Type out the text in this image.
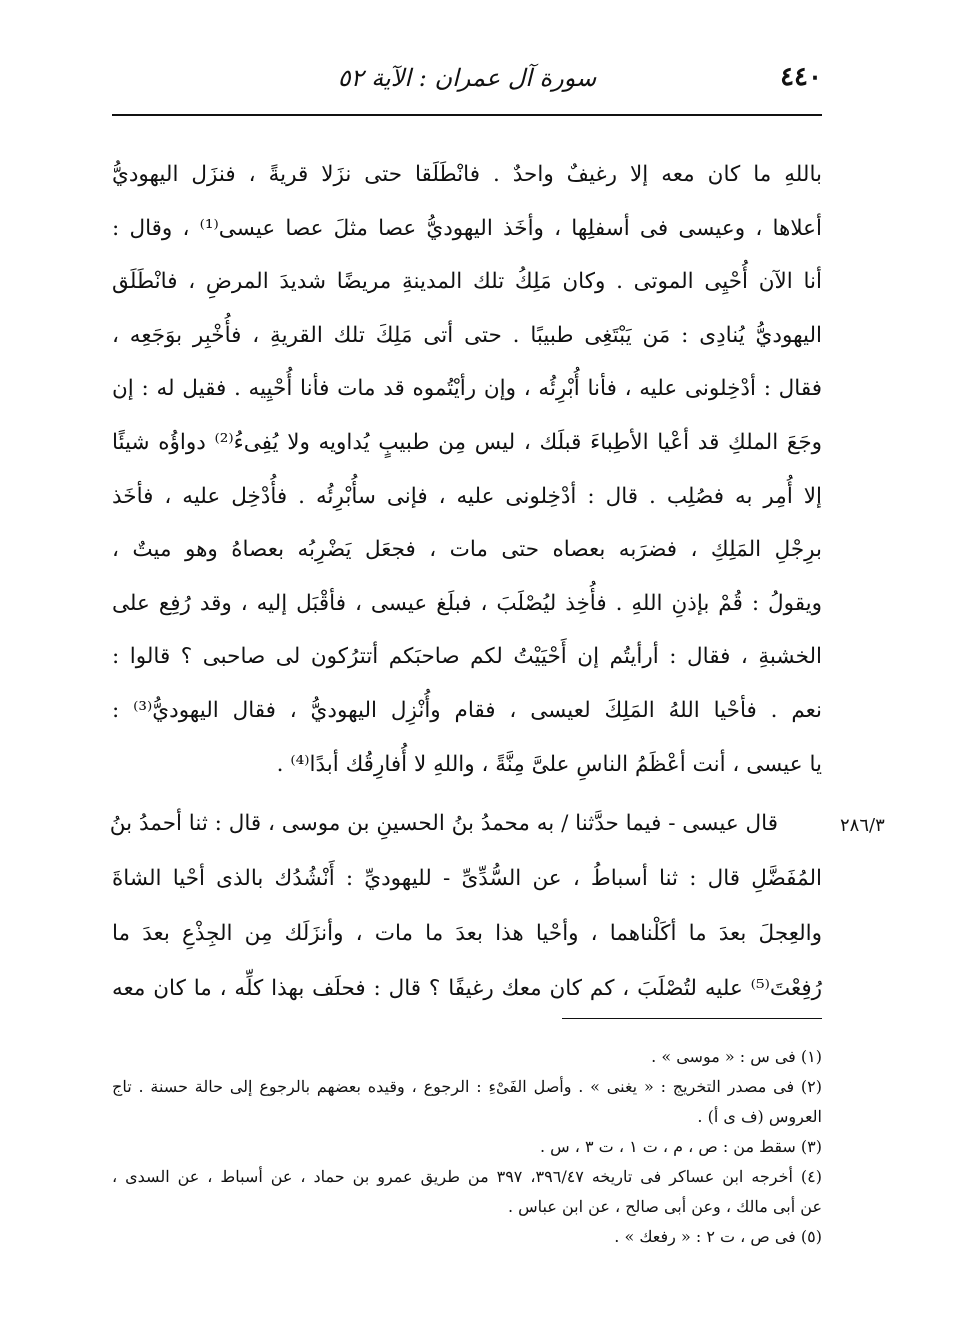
٤٤٠
سورة آل عمران : الآية ٥٢
باللهِ ما كان معه إلا رغيفٌ واحدٌ . فانْطَلَقا حتى نزَلا قريةً ، فنزَل اليهوديُّ
أعلاها ، وعيسى فى أسفلِها ، وأخَذ اليهوديُّ عصا مثلَ عصا عيسى⁽¹⁾ ، وقال :
أنا الآن أُحْيِى الموتى . وكان مَلِكُ تلك المدينةِ مريضًا شديدَ المرضِ ، فانْطَلَق
اليهوديُّ يُنادِى : مَن يَبْتَغِى طبيبًا . حتى أتى مَلِكَ تلك القريةِ ، فأُخْبِر بوَجَعِه ،
فقال : أدْخِلونى عليه ، فأنا أُبْرِئُه ، وإن رأيْتُموه قد مات فأنا أُحْيِيه . فقيل له : إن
وجَعَ الملكِ قد أعْيا الأطِباءَ قبلَك ، ليس مِن طبيبٍ يُداويه ولا يُفِىءُ⁽²⁾ دواؤُه شيئًا
إلا أُمِر به فصُلِب . قال : أدْخِلونى عليه ، فإنى سأُبْرِئُه . فأُدْخِل عليه ، فأخَذ
برِجْلِ المَلِكِ ، فضرَبه بعصاه حتى مات ، فجعَل يَضْرِبُه بعصاهُ وهو ميتٌ ،
ويقولُ : قُمْ بإذنِ اللهِ . فأُخِذ ليُصْلَبَ ، فبلَغ عيسى ، فأقْبَل إليه ، وقد رُفِع على
الخشبةِ ، فقال : أرأيتُم إن أَحْيَيْتُ لكم صاحبَكم أتترُكون لى صاحبى ؟ قالوا :
نعم . فأحْيا اللهُ المَلِكَ لعيسى ، فقام وأُنْزِل اليهوديُّ ، فقال اليهوديُّ⁽³⁾ :
يا عيسى ، أنت أعْظَمُ الناسِ علىَّ مِنَّةً ، واللهِ لا أُفارِقُك أبدًا⁽⁴⁾ .
٢٨٦/٣
قال عيسى - فيما حدَّثنا / به محمدُ بنُ الحسينِ بن موسى ، قال : ثنا أحمدُ بنُ
المُفَضَّلِ قال : ثنا أسباطُ ، عن السُّدِّىِّ - لليهوديِّ : أَنْشُدُك بالذى أحْيا الشاةَ
والعِجلَ بعدَ ما أكَلْناهما ، وأحْيا هذا بعدَ ما مات ، وأنزَلَك مِن الجِذْعِ بعدَ ما
رُفِعْتَ⁽⁵⁾ عليه لتُصْلَبَ ، كم كان معك رغيفًا ؟ قال : فحلَف بهذا كلِّه ، ما كان معه
(١) فى س : « موسى » .
(٢) فى مصدر التخريج : « يغنى » . وأصل الفَىْءِ : الرجوع ، وقيده بعضهم بالرجوع إلى حالة حسنة . تاج
العروس (ف ى أ) .
(٣) سقط من : ص ، م ، ت ١ ، ت ٣ ، س .
(٤) أخرجه ابن عساكر فى تاريخه ٣٩٦/٤٧، ٣٩٧ من طريق عمرو بن حماد ، عن أسباط ، عن السدى ،
عن أبى مالك ، وعن أبى صالح ، عن ابن عباس .
(٥) فى ص ، ت ٢ : « رفعك » .
